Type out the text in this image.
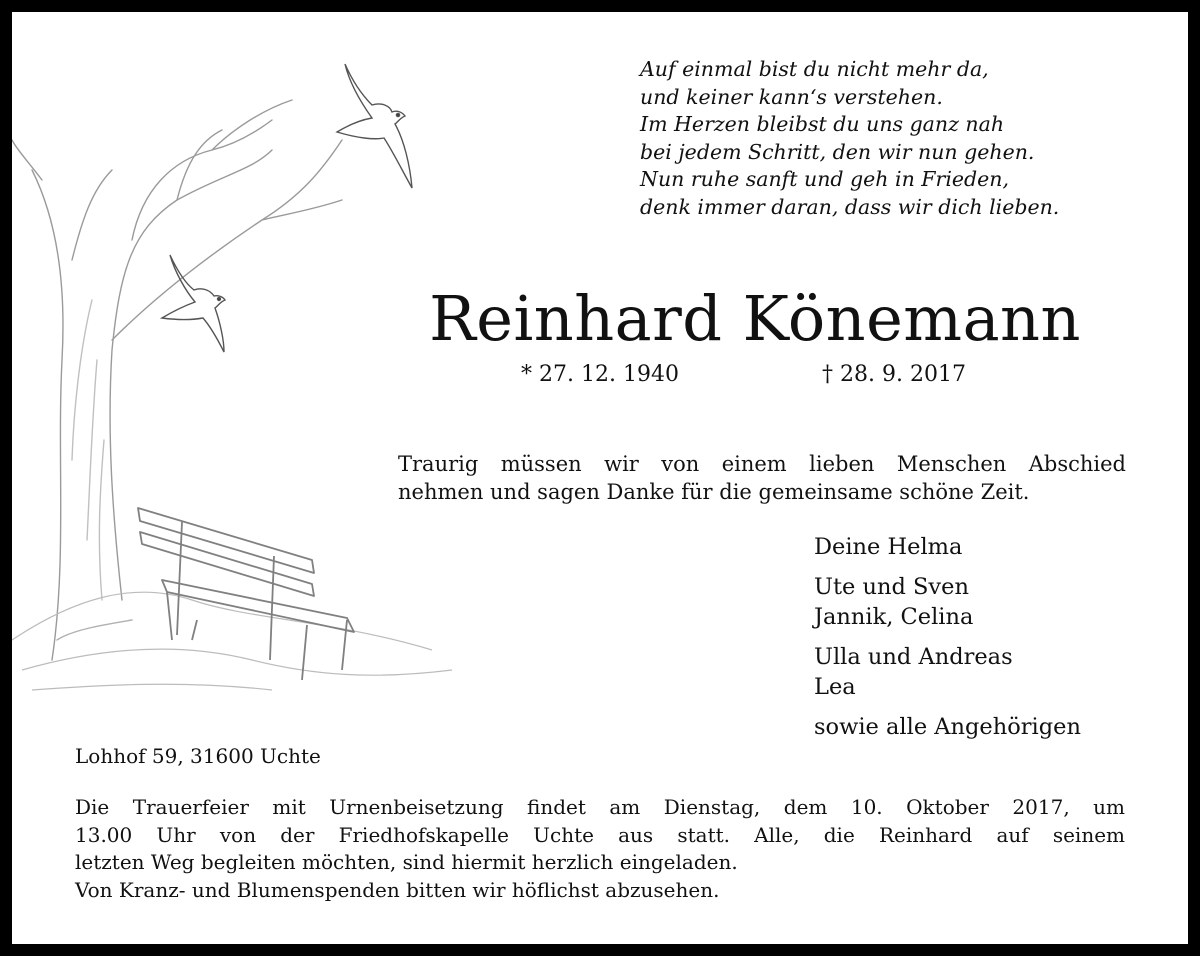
Auf einmal bist du nicht mehr da,
und keiner kann‘s verstehen.
Im Herzen bleibst du uns ganz nah
bei jedem Schritt, den wir nun gehen.
Nun ruhe sanft und geh in Frieden,
denk immer daran, dass wir dich lieben.
Reinhard Könemann
* 27. 12. 1940	† 28. 9. 2017
Traurig müssen wir von einem lieben Menschen Abschied
nehmen und sagen Danke für die gemeinsame schöne Zeit.
Deine Helma
Ute und Sven
Jannik, Celina
Ulla und Andreas
Lea
sowie alle Angehörigen
Lohhof 59, 31600 Uchte
Die Trauerfeier mit Urnenbeisetzung findet am Dienstag, dem 10. Oktober 2017, um
13.00 Uhr von der Friedhofskapelle Uchte aus statt. Alle, die Reinhard auf seinem
letzten Weg begleiten möchten, sind hiermit herzlich eingeladen.
Von Kranz- und Blumenspenden bitten wir höflichst abzusehen.
